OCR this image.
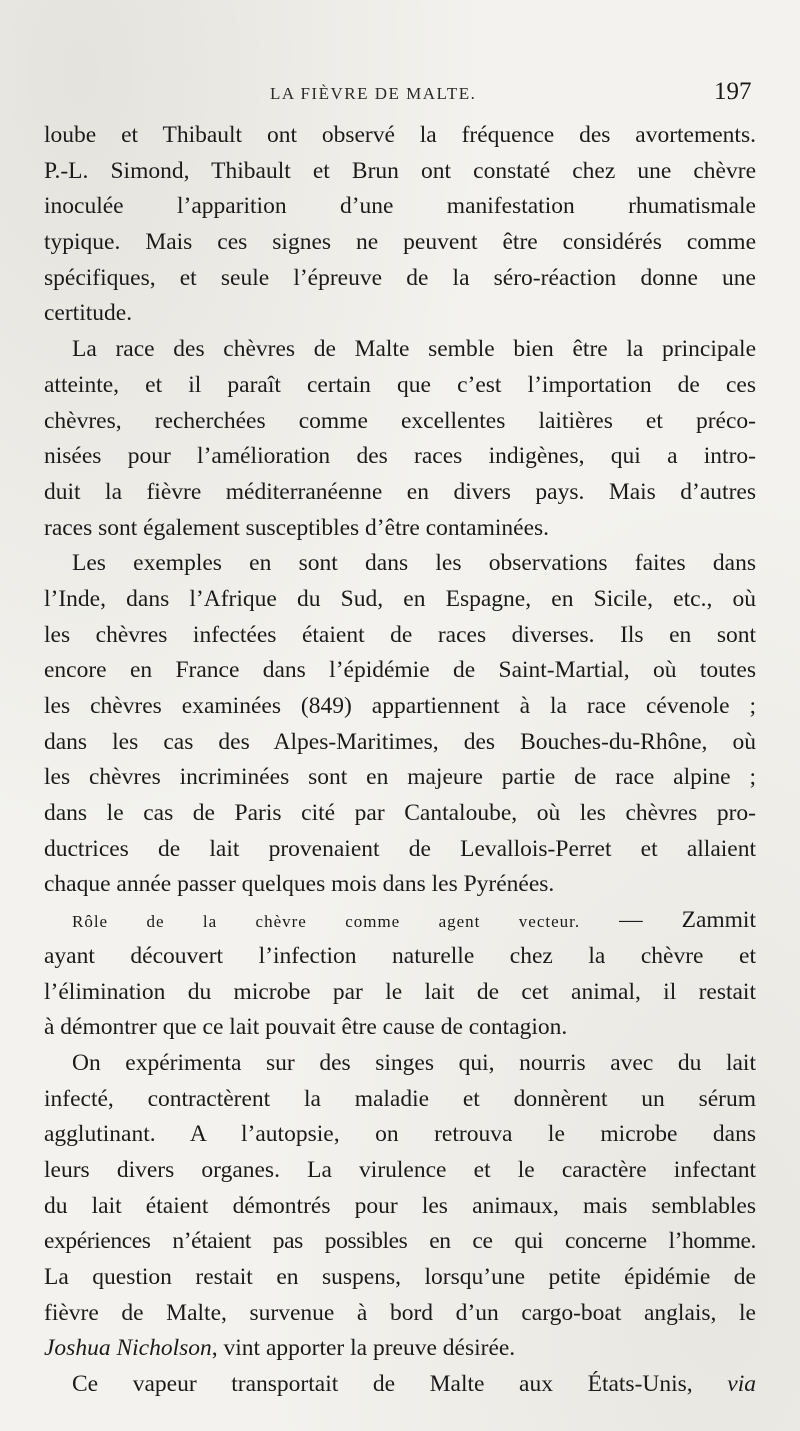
LA FIÈVRE DE MALTE.	197
loube et Thibault ont observé la fréquence des avortements.
P.-L. Simond, Thibault et Brun ont constaté chez une chèvre
inoculée l’apparition d’une manifestation rhumatismale
typique. Mais ces signes ne peuvent être considérés comme
spécifiques, et seule l’épreuve de la séro-réaction donne une
certitude.
La race des chèvres de Malte semble bien être la principale
atteinte, et il paraît certain que c’est l’importation de ces
chèvres, recherchées comme excellentes laitières et préco-
nisées pour l’amélioration des races indigènes, qui a intro-
duit la fièvre méditerranéenne en divers pays. Mais d’autres
races sont également susceptibles d’être contaminées.
Les exemples en sont dans les observations faites dans
l’Inde, dans l’Afrique du Sud, en Espagne, en Sicile, etc., où
les chèvres infectées étaient de races diverses. Ils en sont
encore en France dans l’épidémie de Saint-Martial, où toutes
les chèvres examinées (849) appartiennent à la race cévenole ;
dans les cas des Alpes-Maritimes, des Bouches-du-Rhône, où
les chèvres incriminées sont en majeure partie de race alpine ;
dans le cas de Paris cité par Cantaloube, où les chèvres pro-
ductrices de lait provenaient de Levallois-Perret et allaient
chaque année passer quelques mois dans les Pyrénées.
Rôle de la chèvre comme agent vecteur. — Zammit
ayant découvert l’infection naturelle chez la chèvre et
l’élimination du microbe par le lait de cet animal, il restait
à démontrer que ce lait pouvait être cause de contagion.
On expérimenta sur des singes qui, nourris avec du lait
infecté, contractèrent la maladie et donnèrent un sérum
agglutinant. A l’autopsie, on retrouva le microbe dans
leurs divers organes. La virulence et le caractère infectant
du lait étaient démontrés pour les animaux, mais semblables
expériences n’étaient pas possibles en ce qui concerne l’homme.
La question restait en suspens, lorsqu’une petite épidémie de
fièvre de Malte, survenue à bord d’un cargo-boat anglais, le
Joshua Nicholson, vint apporter la preuve désirée.
Ce vapeur transportait de Malte aux États-Unis, via
